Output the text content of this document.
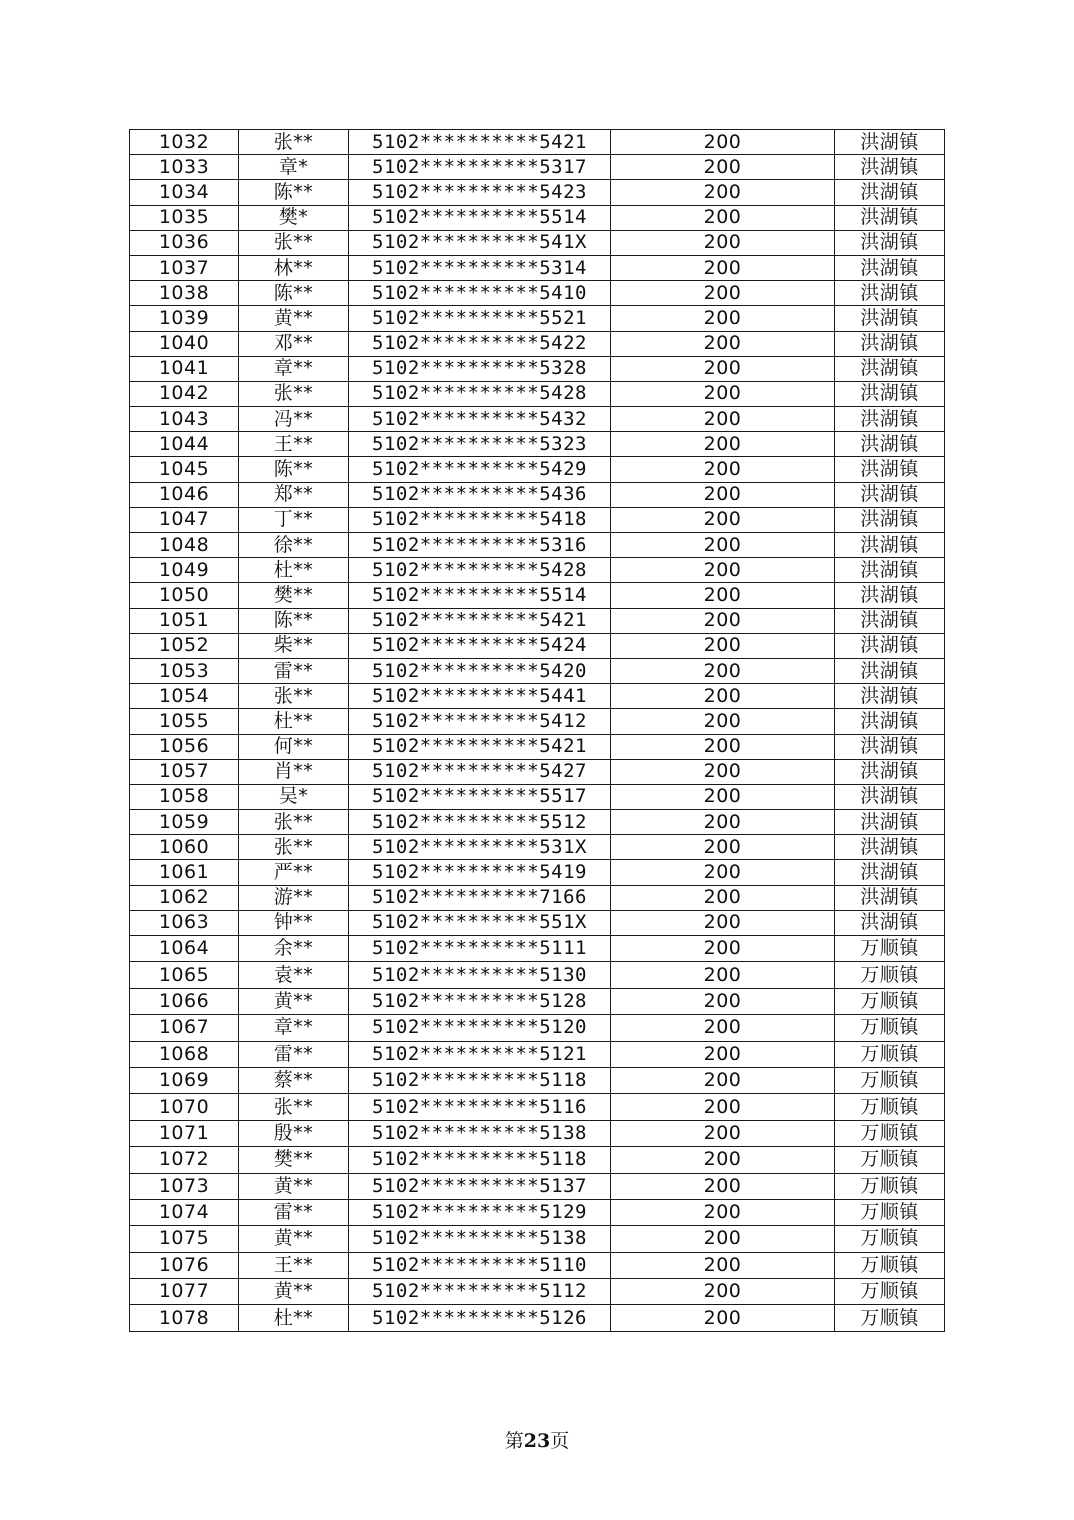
1032	张**	5102**********5421	200	洪湖镇
1033	章*	5102**********5317	200	洪湖镇
1034	陈**	5102**********5423	200	洪湖镇
1035	樊*	5102**********5514	200	洪湖镇
1036	张**	5102**********541X	200	洪湖镇
1037	林**	5102**********5314	200	洪湖镇
1038	陈**	5102**********5410	200	洪湖镇
1039	黄**	5102**********5521	200	洪湖镇
1040	邓**	5102**********5422	200	洪湖镇
1041	章**	5102**********5328	200	洪湖镇
1042	张**	5102**********5428	200	洪湖镇
1043	冯**	5102**********5432	200	洪湖镇
1044	王**	5102**********5323	200	洪湖镇
1045	陈**	5102**********5429	200	洪湖镇
1046	郑**	5102**********5436	200	洪湖镇
1047	丁**	5102**********5418	200	洪湖镇
1048	徐**	5102**********5316	200	洪湖镇
1049	杜**	5102**********5428	200	洪湖镇
1050	樊**	5102**********5514	200	洪湖镇
1051	陈**	5102**********5421	200	洪湖镇
1052	柴**	5102**********5424	200	洪湖镇
1053	雷**	5102**********5420	200	洪湖镇
1054	张**	5102**********5441	200	洪湖镇
1055	杜**	5102**********5412	200	洪湖镇
1056	何**	5102**********5421	200	洪湖镇
1057	肖**	5102**********5427	200	洪湖镇
1058	吴*	5102**********5517	200	洪湖镇
1059	张**	5102**********5512	200	洪湖镇
1060	张**	5102**********531X	200	洪湖镇
1061	严**	5102**********5419	200	洪湖镇
1062	游**	5102**********7166	200	洪湖镇
1063	钟**	5102**********551X	200	洪湖镇
1064	余**	5102**********5111	200	万顺镇
1065	袁**	5102**********5130	200	万顺镇
1066	黄**	5102**********5128	200	万顺镇
1067	章**	5102**********5120	200	万顺镇
1068	雷**	5102**********5121	200	万顺镇
1069	蔡**	5102**********5118	200	万顺镇
1070	张**	5102**********5116	200	万顺镇
1071	殷**	5102**********5138	200	万顺镇
1072	樊**	5102**********5118	200	万顺镇
1073	黄**	5102**********5137	200	万顺镇
1074	雷**	5102**********5129	200	万顺镇
1075	黄**	5102**********5138	200	万顺镇
1076	王**	5102**********5110	200	万顺镇
1077	黄**	5102**********5112	200	万顺镇
1078	杜**	5102**********5126	200	万顺镇
第23页
